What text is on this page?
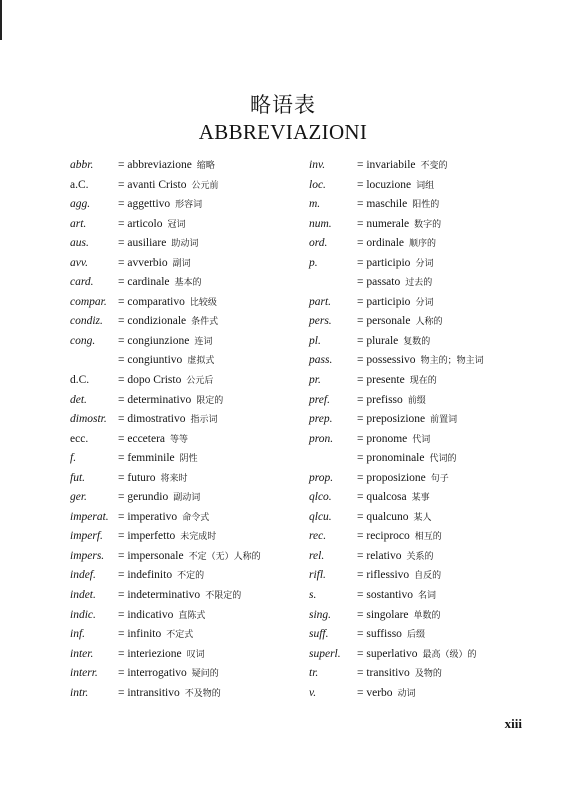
略语表
ABBREVIAZIONI
abbr. = abbreviazione 缩略
a.C.	= avanti Cristo 公元前
agg. = aggettivo 形容词
art.	= articolo 冠词
aus.	= ausiliare 助动词
avv.	= avverbio 副词
card. = cardinale 基本的
compar. = comparativo 比较级
condiz. = condizionale 条件式
cong. = congiunzione 连词
= congiuntivo 虚拟式
d.C.	= dopo Cristo 公元后
det.	= determinativo 限定的
dimostr. = dimostrativo 指示词
ecc.	= eccetera 等等
f.	= femminile 阴性
fut.	= futuro 将来时
ger.	= gerundio 副动词
imperat. = imperativo 命令式
imperf. = imperfetto 未完成时
impers. = impersonale 不定（无）人称的
indef. = indefinito 不定的
indet. = indeterminativo 不限定的
indic. = indicativo 直陈式
inf.	= infinito 不定式
inter. = interiezione 叹词
interr. = interrogativo 疑问的
intr.	= intransitivo 不及物的
inv.	= invariabile 不变的
loc.	= locuzione 词组
m.	= maschile 阳性的
num. = numerale 数字的
ord.	= ordinale 顺序的
p.	= participio 分词
= passato 过去的
part. = participio 分词
pers. = personale 人称的
pl.	= plurale 复数的
pass. = possessivo 物主的；物主词
pr.	= presente 现在的
pref. = prefisso 前缀
prep. = preposizione 前置词
pron. = pronome 代词
= pronominale 代词的
prop. = proposizione 句子
qlco. = qualcosa 某事
qlcu. = qualcuno 某人
rec.	= reciproco 相互的
rel.	= relativo 关系的
rifl.	= riflessivo 自反的
s.	= sostantivo 名词
sing. = singolare 单数的
suff. = suffisso 后缀
superl. = superlativo 最高（级）的
tr.	= transitivo 及物的
v.	= verbo 动词
xiii
